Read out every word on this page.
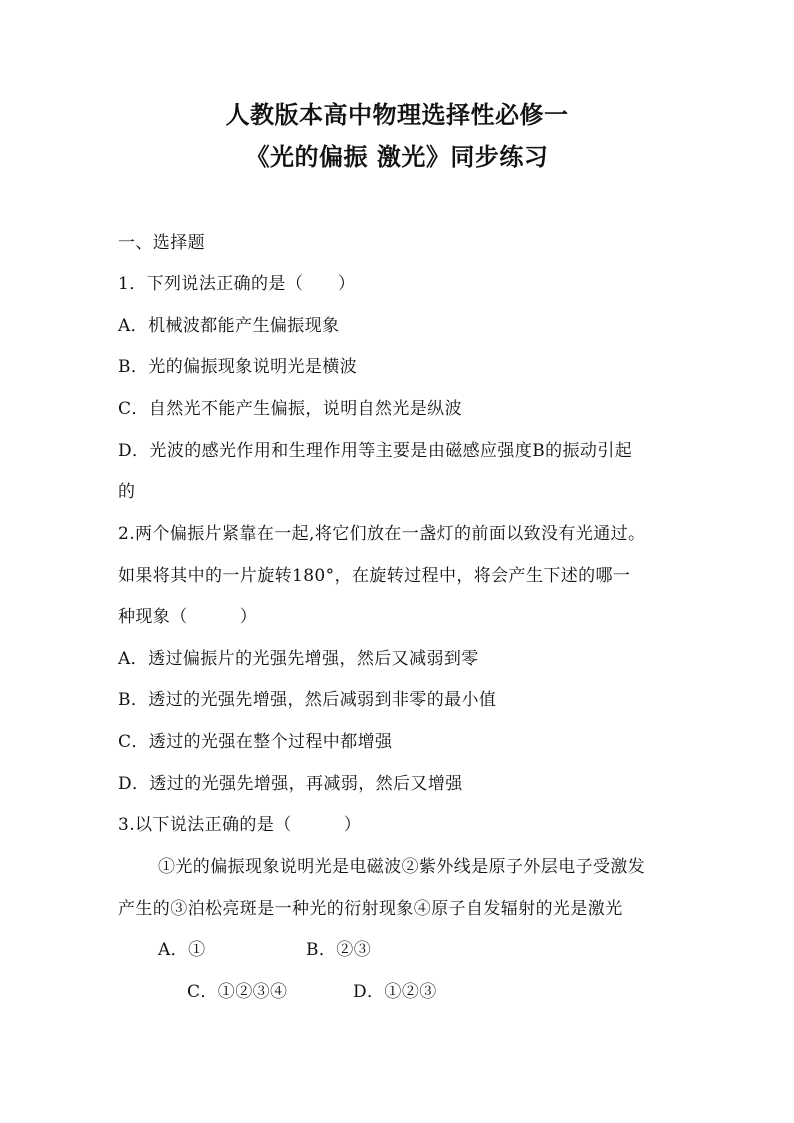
人教版本高中物理选择性必修一
《光的偏振 激光》同步练习
一、选择题
1．下列说法正确的是（　　）
A．机械波都能产生偏振现象
B．光的偏振现象说明光是横波
C．自然光不能产生偏振，说明自然光是纵波
D．光波的感光作用和生理作用等主要是由磁感应强度B的振动引起
的
2.两个偏振片紧靠在一起,将它们放在一盏灯的前面以致没有光通过。
如果将其中的一片旋转180°，在旋转过程中，将会产生下述的哪一
种现象（　　　）
A．透过偏振片的光强先增强，然后又减弱到零
B．透过的光强先增强，然后减弱到非零的最小值
C．透过的光强在整个过程中都增强
D．透过的光强先增强，再减弱，然后又增强
3.以下说法正确的是（　　　）
①光的偏振现象说明光是电磁波②紫外线是原子外层电子受激发
产生的③泊松亮斑是一种光的衍射现象④原子自发辐射的光是激光
A．①	B．②③
C．①②③④	D．①②③
